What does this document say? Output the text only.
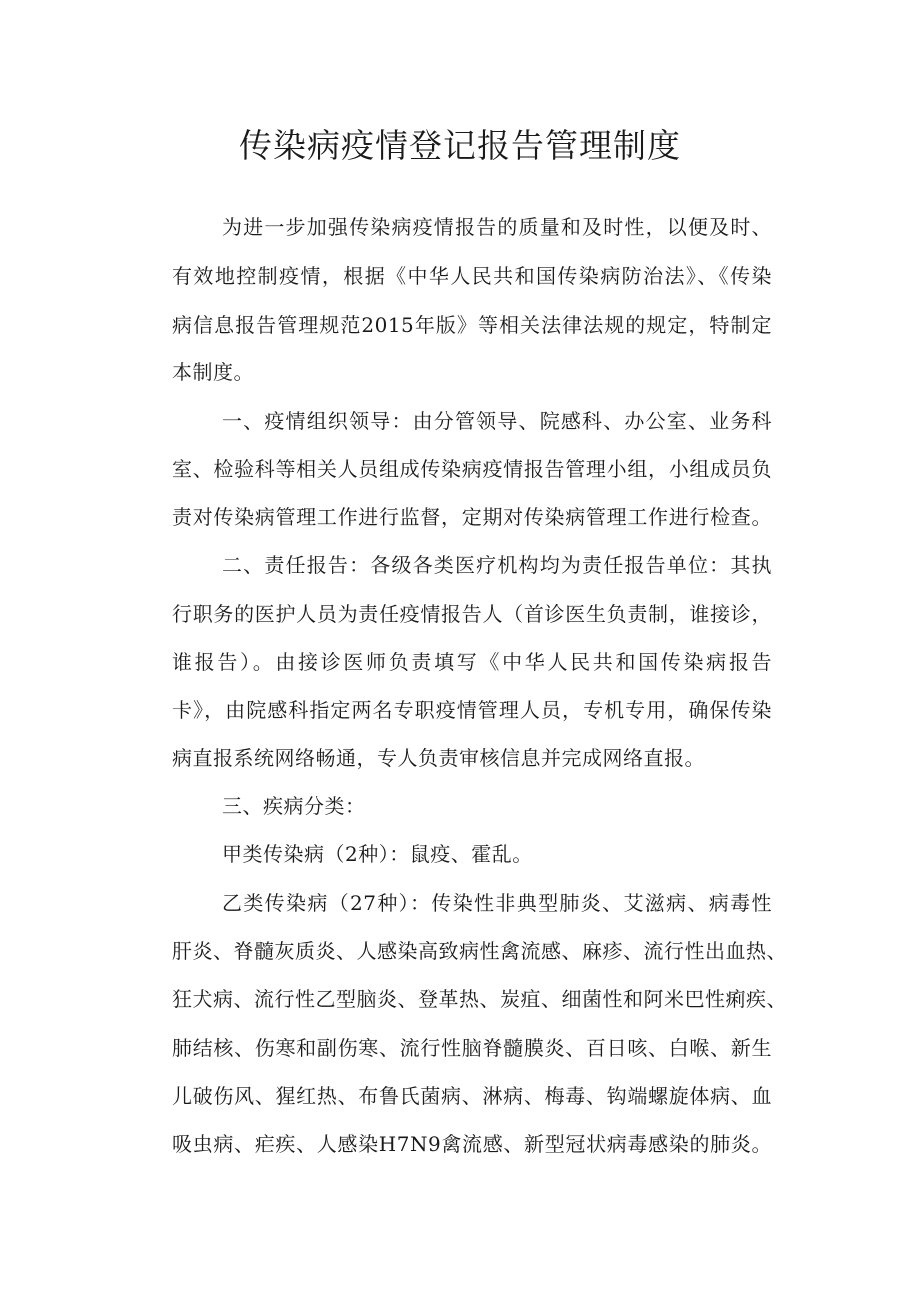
传染病疫情登记报告管理制度

为进一步加强传染病疫情报告的质量和及时性，以便及时、

有效地控制疫情，根据《中华人民共和国传染病防治法》、《传染

病信息报告管理规范2015年版》等相关法律法规的规定，特制定

本制度。

一、疫情组织领导：由分管领导、院感科、办公室、业务科

室、检验科等相关人员组成传染病疫情报告管理小组，小组成员负

责对传染病管理工作进行监督，定期对传染病管理工作进行检查。

二、责任报告：各级各类医疗机构均为责任报告单位：其执

行职务的医护人员为责任疫情报告人（首诊医生负责制，谁接诊，

谁报告）。由接诊医师负责填写《中华人民共和国传染病报告

卡》，由院感科指定两名专职疫情管理人员，专机专用，确保传染

病直报系统网络畅通，专人负责审核信息并完成网络直报。

三、疾病分类：

甲类传染病（2种）：鼠疫、霍乱。

乙类传染病（27种）：传染性非典型肺炎、艾滋病、病毒性

肝炎、脊髓灰质炎、人感染高致病性禽流感、麻疹、流行性出血热、

狂犬病、流行性乙型脑炎、登革热、炭疽、细菌性和阿米巴性痢疾、

肺结核、伤寒和副伤寒、流行性脑脊髓膜炎、百日咳、白喉、新生

儿破伤风、猩红热、布鲁氏菌病、淋病、梅毒、钩端螺旋体病、血

吸虫病、疟疾、人感染H7N9禽流感、新型冠状病毒感染的肺炎。
